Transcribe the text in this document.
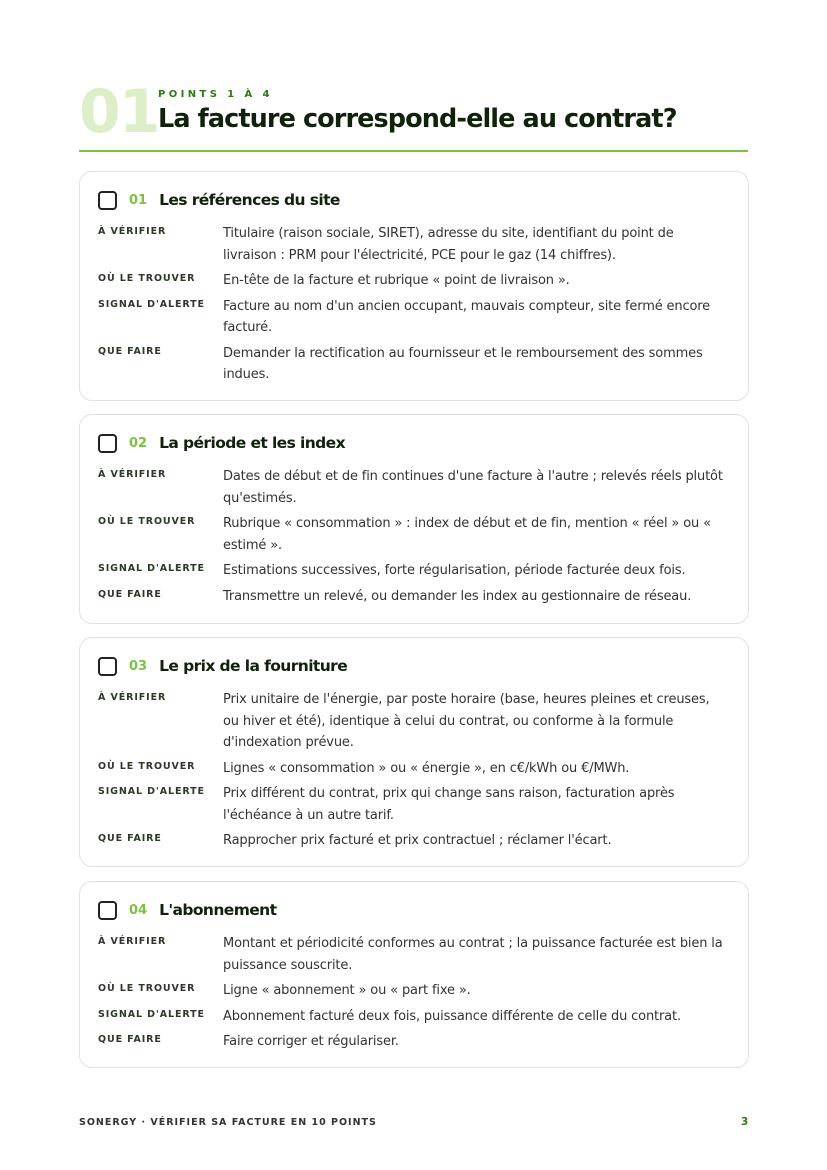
01 POINTS 1 À 4
La facture correspond-elle au contrat?
01 Les références du site
À VÉRIFIER	Titulaire (raison sociale, SIRET), adresse du site, identifiant du point de livraison : PRM pour l'électricité, PCE pour le gaz (14 chiffres).
OÙ LE TROUVER	En-tête de la facture et rubrique « point de livraison ».
SIGNAL D'ALERTE	Facture au nom d'un ancien occupant, mauvais compteur, site fermé encore facturé.
QUE FAIRE	Demander la rectification au fournisseur et le remboursement des sommes indues.
02 La période et les index
À VÉRIFIER	Dates de début et de fin continues d'une facture à l'autre ; relevés réels plutôt qu'estimés.
OÙ LE TROUVER	Rubrique « consommation » : index de début et de fin, mention « réel » ou « estimé ».
SIGNAL D'ALERTE	Estimations successives, forte régularisation, période facturée deux fois.
QUE FAIRE	Transmettre un relevé, ou demander les index au gestionnaire de réseau.
03 Le prix de la fourniture
À VÉRIFIER	Prix unitaire de l'énergie, par poste horaire (base, heures pleines et creuses, ou hiver et été), identique à celui du contrat, ou conforme à la formule d'indexation prévue.
OÙ LE TROUVER	Lignes « consommation » ou « énergie », en c€/kWh ou €/MWh.
SIGNAL D'ALERTE	Prix différent du contrat, prix qui change sans raison, facturation après l'échéance à un autre tarif.
QUE FAIRE	Rapprocher prix facturé et prix contractuel ; réclamer l'écart.
04 L'abonnement
À VÉRIFIER	Montant et périodicité conformes au contrat ; la puissance facturée est bien la puissance souscrite.
OÙ LE TROUVER	Ligne « abonnement » ou « part fixe ».
SIGNAL D'ALERTE	Abonnement facturé deux fois, puissance différente de celle du contrat.
QUE FAIRE	Faire corriger et régulariser.
SONERGY · VÉRIFIER SA FACTURE EN 10 POINTS	3
